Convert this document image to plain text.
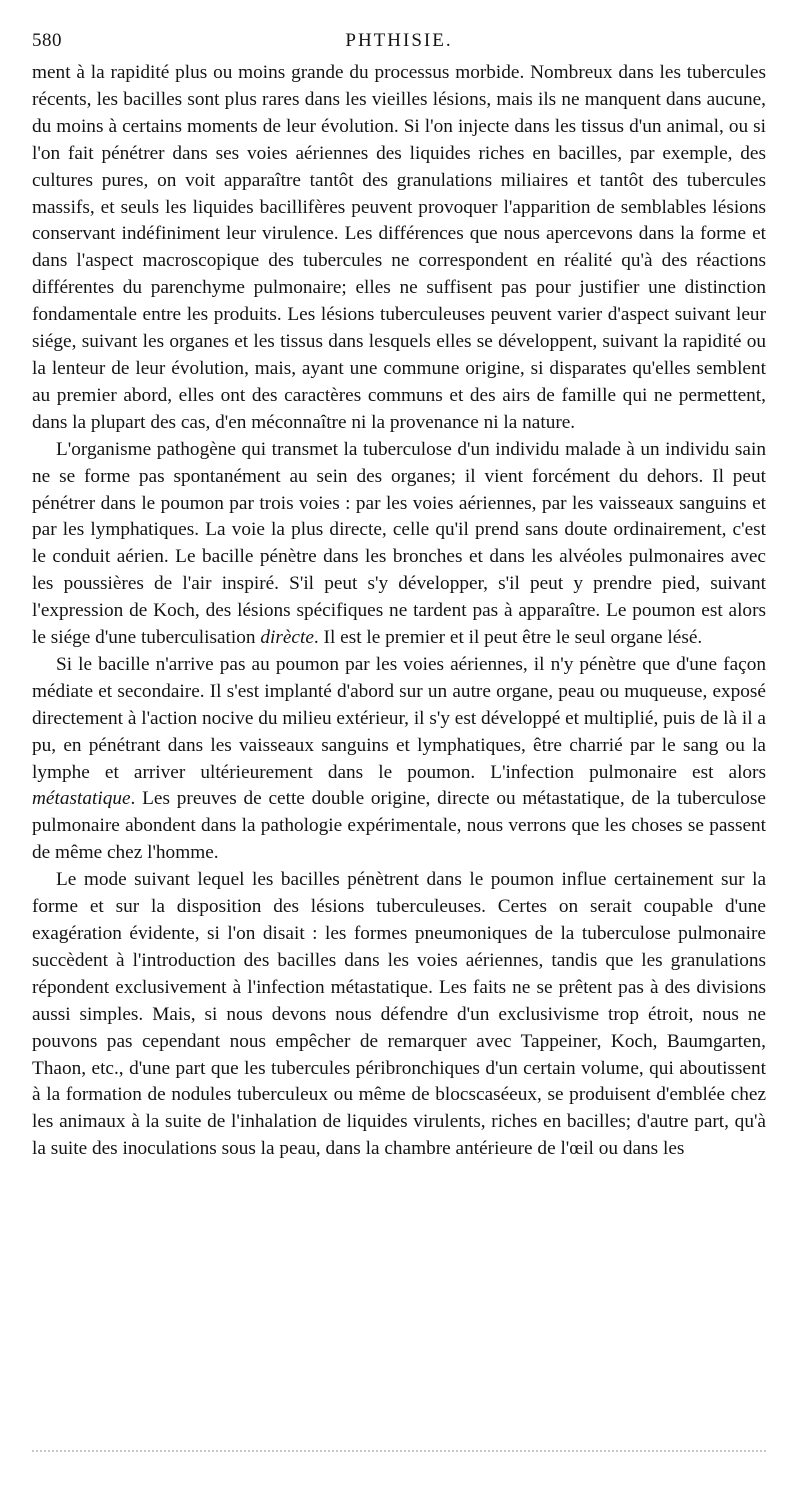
580	PHTHISIE.

ment à la rapidité plus ou moins grande du processus morbide. Nombreux dans les tubercules récents, les bacilles sont plus rares dans les vieilles lésions, mais ils ne manquent dans aucune, du moins à certains moments de leur évolution. Si l'on injecte dans les tissus d'un animal, ou si l'on fait pénétrer dans ses voies aériennes des liquides riches en bacilles, par exemple, des cultures pures, on voit apparaître tantôt des granulations miliaires et tantôt des tubercules massifs, et seuls les liquides bacillifères peuvent provoquer l'apparition de semblables lésions conservant indéfiniment leur virulence. Les différences que nous apercevons dans la forme et dans l'aspect macroscopique des tubercules ne correspondent en réalité qu'à des réactions différentes du parenchyme pulmonaire; elles ne suffisent pas pour justifier une distinction fondamentale entre les produits. Les lésions tuberculeuses peuvent varier d'aspect suivant leur siége, suivant les organes et les tissus dans lesquels elles se développent, suivant la rapidité ou la lenteur de leur évolution, mais, ayant une commune origine, si disparates qu'elles semblent au premier abord, elles ont des caractères communs et des airs de famille qui ne permettent, dans la plupart des cas, d'en méconnaître ni la provenance ni la nature.

L'organisme pathogène qui transmet la tuberculose d'un individu malade à un individu sain ne se forme pas spontanément au sein des organes; il vient forcément du dehors. Il peut pénétrer dans le poumon par trois voies : par les voies aériennes, par les vaisseaux sanguins et par les lymphatiques. La voie la plus directe, celle qu'il prend sans doute ordinairement, c'est le conduit aérien. Le bacille pénètre dans les bronches et dans les alvéoles pulmonaires avec les poussières de l'air inspiré. S'il peut s'y développer, s'il peut y prendre pied, suivant l'expression de Koch, des lésions spécifiques ne tardent pas à apparaître. Le poumon est alors le siége d'une tuberculisation dirècte. Il est le premier et il peut être le seul organe lésé.

Si le bacille n'arrive pas au poumon par les voies aériennes, il n'y pénètre que d'une façon médiate et secondaire. Il s'est implanté d'abord sur un autre organe, peau ou muqueuse, exposé directement à l'action nocive du milieu extérieur, il s'y est développé et multiplié, puis de là il a pu, en pénétrant dans les vaisseaux sanguins et lymphatiques, être charrié par le sang ou la lymphe et arriver ultérieurement dans le poumon. L'infection pulmonaire est alors métastatique. Les preuves de cette double origine, directe ou métastatique, de la tuberculose pulmonaire abondent dans la pathologie expérimentale, nous verrons que les choses se passent de même chez l'homme.

Le mode suivant lequel les bacilles pénètrent dans le poumon influe certainement sur la forme et sur la disposition des lésions tuberculeuses. Certes on serait coupable d'une exagération évidente, si l'on disait : les formes pneumoniques de la tuberculose pulmonaire succèdent à l'introduction des bacilles dans les voies aériennes, tandis que les granulations répondent exclusivement à l'infection métastatique. Les faits ne se prêtent pas à des divisions aussi simples. Mais, si nous devons nous défendre d'un exclusivisme trop étroit, nous ne pouvons pas cependant nous empêcher de remarquer avec Tappeiner, Koch, Baumgarten, Thaon, etc., d'une part que les tubercules péribronchiques d'un certain volume, qui aboutissent à la formation de nodules tuberculeux ou même de blocscaséeux, se produisent d'emblée chez les animaux à la suite de l'inhalation de liquides virulents, riches en bacilles; d'autre part, qu'à la suite des inoculations sous la peau, dans la chambre antérieure de l'œil ou dans les
